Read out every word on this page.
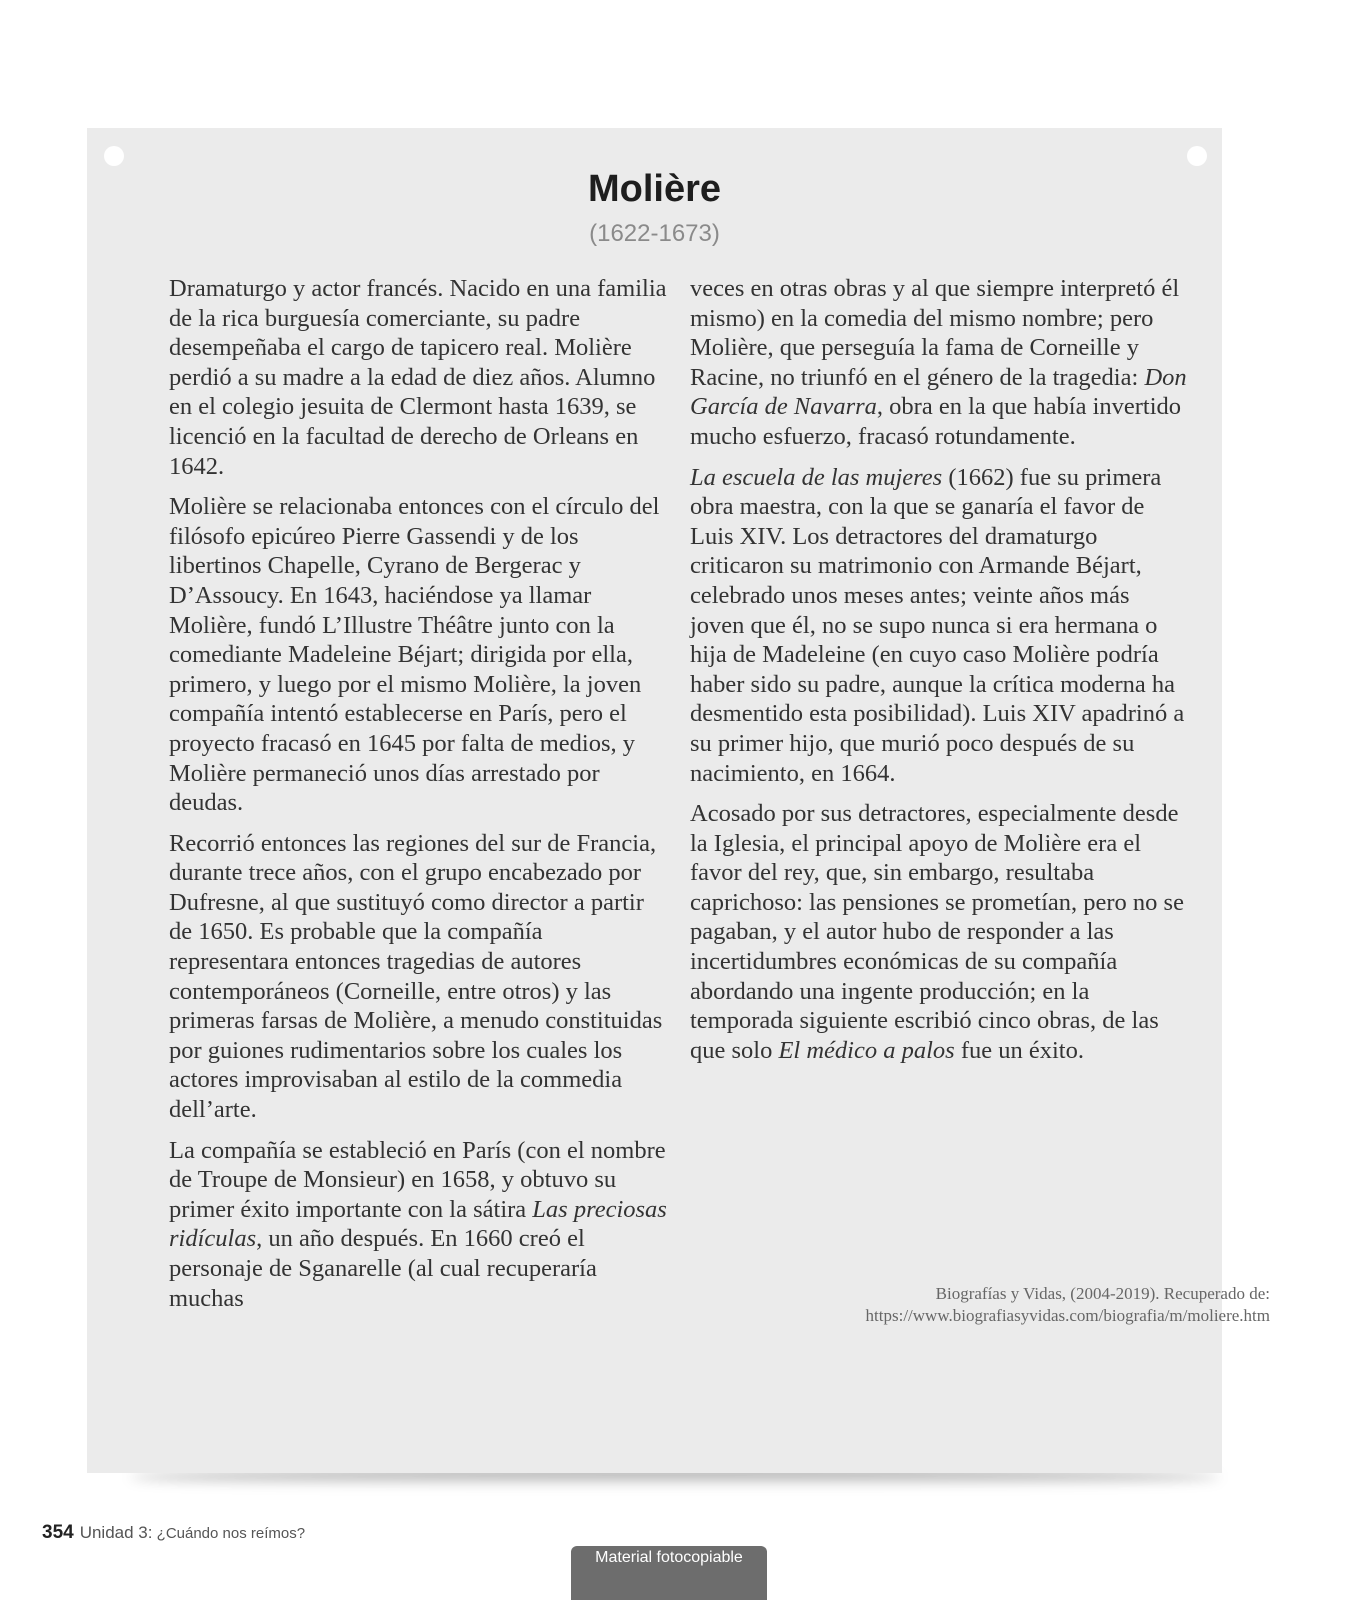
Molière
(1622-1673)

Dramaturgo y actor francés. Nacido en una familia de la rica burguesía comerciante, su padre desempeñaba el cargo de tapicero real. Molière perdió a su madre a la edad de diez años. Alumno en el colegio jesuita de Clermont hasta 1639, se licenció en la facultad de derecho de Orleans en 1642.

Molière se relacionaba entonces con el círculo del filósofo epicúreo Pierre Gassendi y de los libertinos Chapelle, Cyrano de Bergerac y D’Assoucy. En 1643, haciéndose ya llamar Molière, fundó L’Illustre Théâtre junto con la comediante Madeleine Béjart; dirigida por ella, primero, y luego por el mismo Molière, la joven compañía intentó establecerse en París, pero el proyecto fracasó en 1645 por falta de medios, y Molière permaneció unos días arrestado por deudas.

Recorrió entonces las regiones del sur de Francia, durante trece años, con el grupo encabezado por Dufresne, al que sustituyó como director a partir de 1650. Es probable que la compañía representara entonces tragedias de autores contemporáneos (Corneille, entre otros) y las primeras farsas de Molière, a menudo constituidas por guiones rudimentarios sobre los cuales los actores improvisaban al estilo de la commedia dell’arte.

La compañía se estableció en París (con el nombre de Troupe de Monsieur) en 1658, y obtuvo su primer éxito importante con la sátira Las preciosas ridículas, un año después. En 1660 creó el personaje de Sganarelle (al cual recuperaría muchas

veces en otras obras y al que siempre interpretó él mismo) en la comedia del mismo nombre; pero Molière, que perseguía la fama de Corneille y Racine, no triunfó en el género de la tragedia: Don García de Navarra, obra en la que había invertido mucho esfuerzo, fracasó rotundamente.

La escuela de las mujeres (1662) fue su primera obra maestra, con la que se ganaría el favor de Luis XIV. Los detractores del dramaturgo criticaron su matrimonio con Armande Béjart, celebrado unos meses antes; veinte años más joven que él, no se supo nunca si era hermana o hija de Madeleine (en cuyo caso Molière podría haber sido su padre, aunque la crítica moderna ha desmentido esta posibilidad). Luis XIV apadrinó a su primer hijo, que murió poco después de su nacimiento, en 1664.

Acosado por sus detractores, especialmente desde la Iglesia, el principal apoyo de Molière era el favor del rey, que, sin embargo, resultaba caprichoso: las pensiones se prometían, pero no se pagaban, y el autor hubo de responder a las incertidumbres económicas de su compañía abordando una ingente producción; en la temporada siguiente escribió cinco obras, de las que solo El médico a palos fue un éxito.

Biografías y Vidas, (2004-2019). Recuperado de:
https://www.biografiasyvidas.com/biografia/m/moliere.htm
354 Unidad 3: ¿Cuándo nos reímos?
Material fotocopiable
